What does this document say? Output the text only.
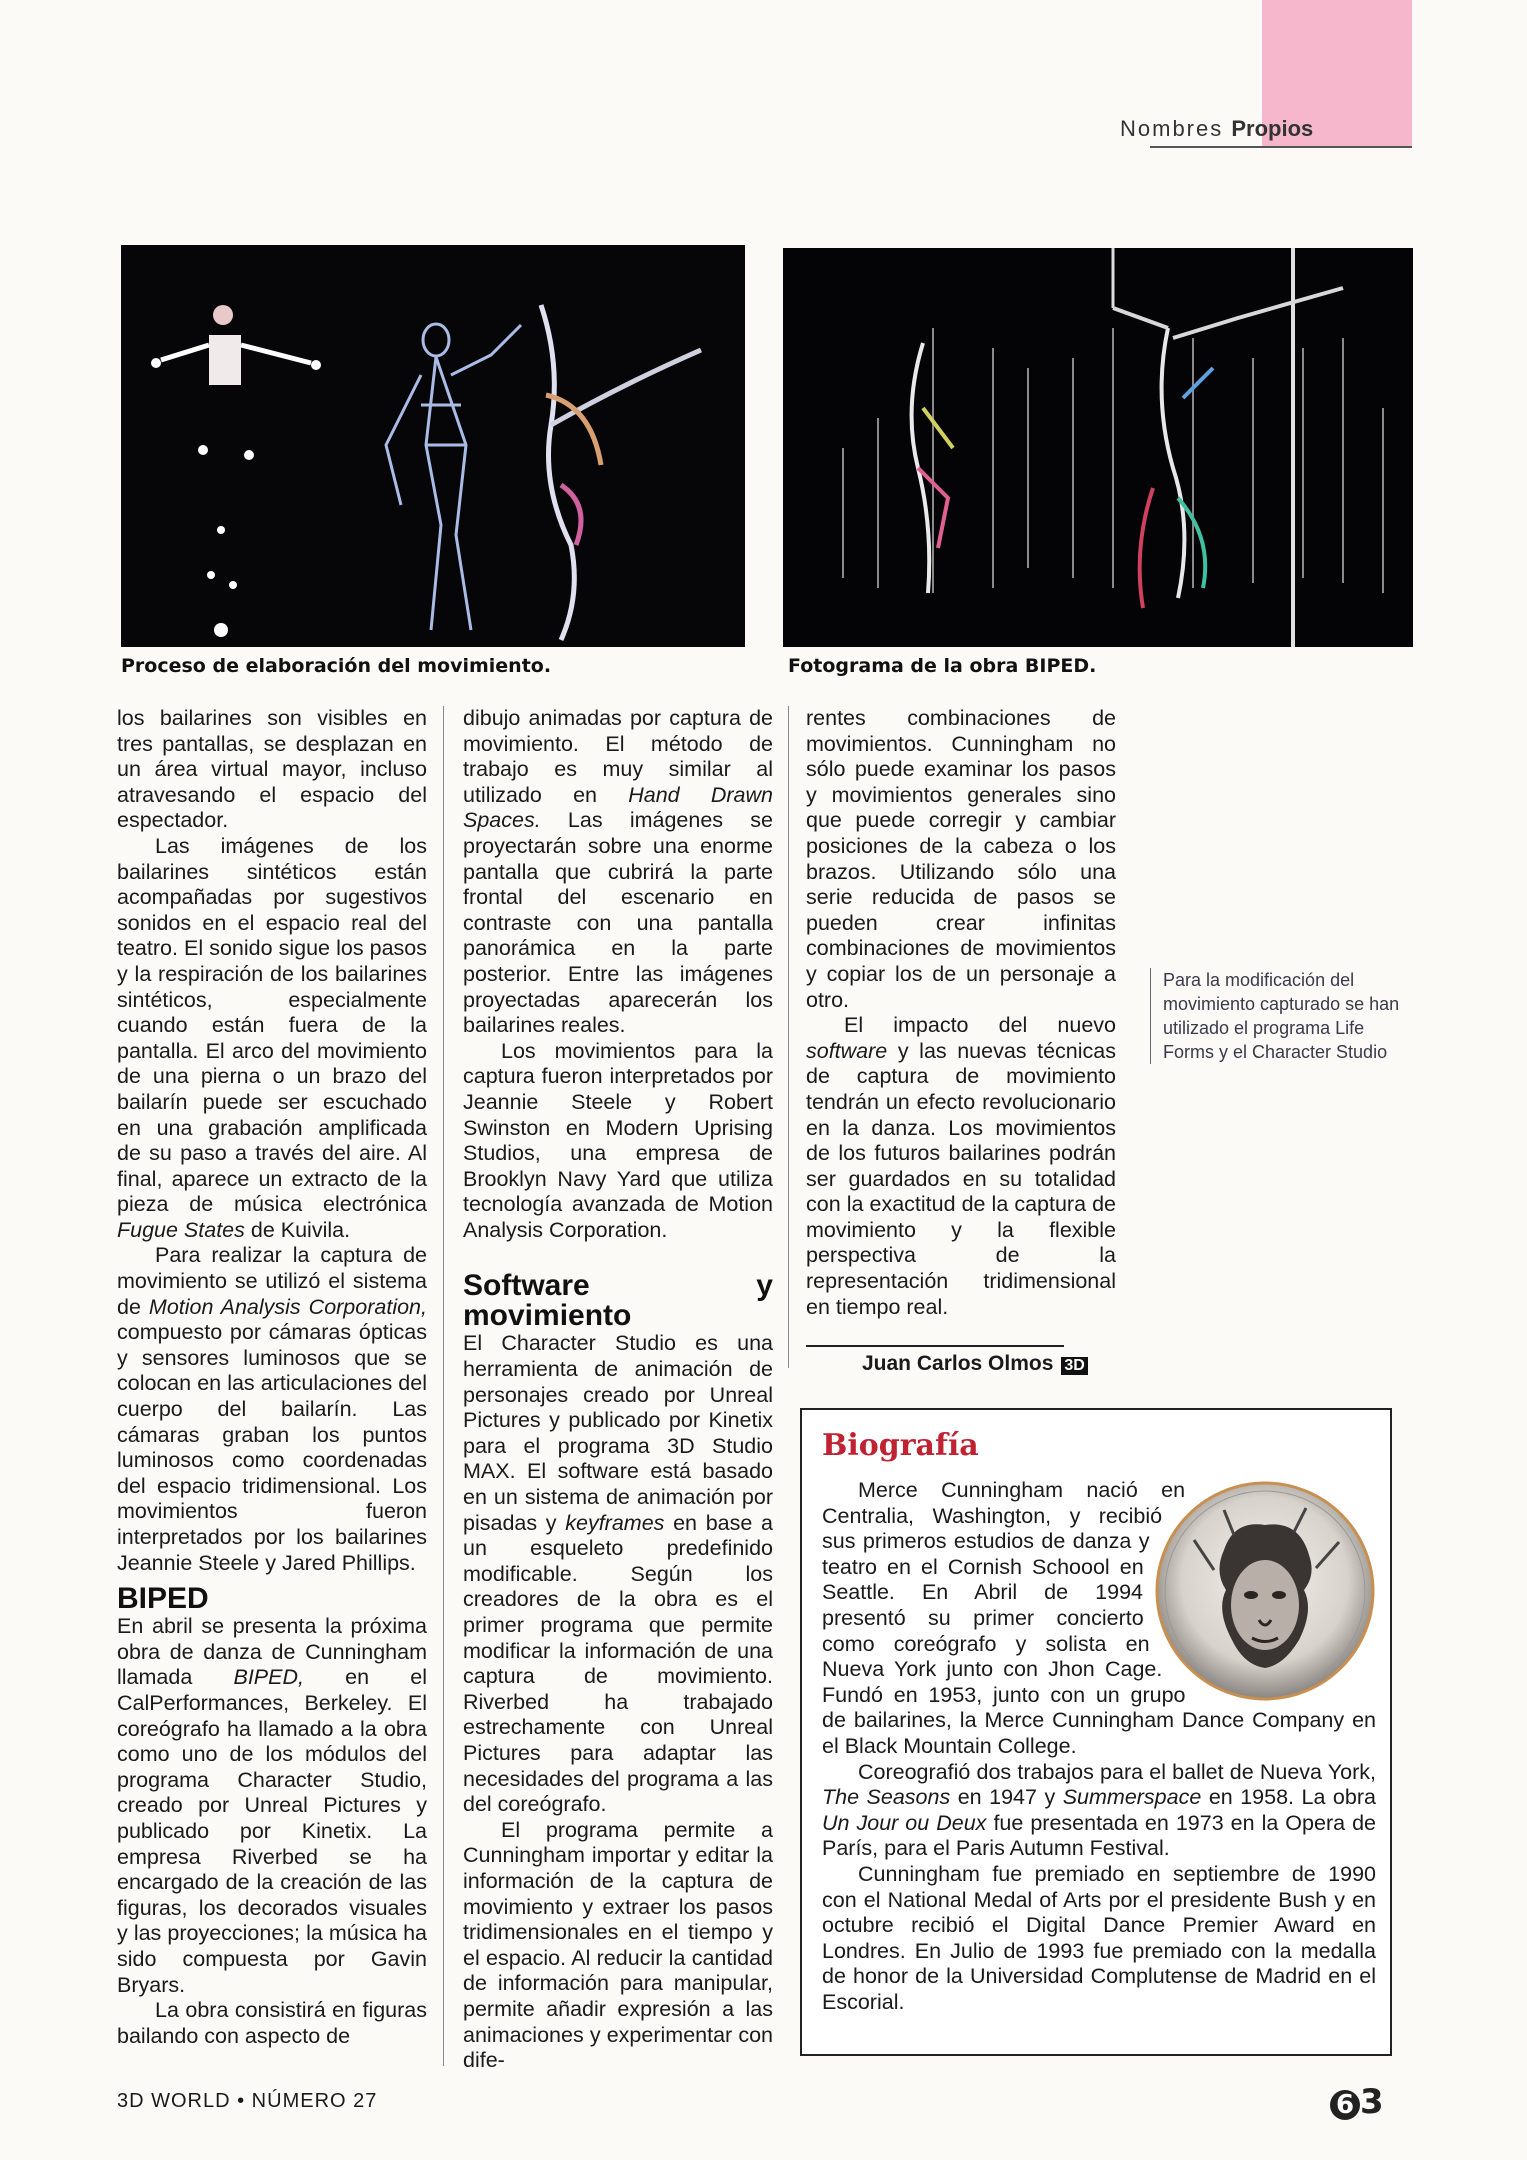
Nombres Propios
Proceso de elaboración del movimiento.	Fotograma de la obra BIPED.

los bailarines son visibles en tres pantallas, se desplazan en un área virtual mayor, incluso atravesando el espacio del espectador.

Las imágenes de los bailarines sintéticos están acompañadas por sugestivos sonidos en el espacio real del teatro. El sonido sigue los pasos y la respiración de los bailarines sintéticos, especialmente cuando están fuera de la pantalla. El arco del movimiento de una pierna o un brazo del bailarín puede ser escuchado en una grabación amplificada de su paso a través del aire. Al final, aparece un extracto de la pieza de música electrónica Fugue States de Kuivila.

Para realizar la captura de movimiento se utilizó el sistema de Motion Analysis Corporation, compuesto por cámaras ópticas y sensores luminosos que se colocan en las articulaciones del cuerpo del bailarín. Las cámaras graban los puntos luminosos como coordenadas del espacio tridimensional. Los movimientos fueron interpretados por los bailarines Jeannie Steele y Jared Phillips.

BIPED

En abril se presenta la próxima obra de danza de Cunningham llamada BIPED, en el CalPerformances, Berkeley. El coreógrafo ha llamado a la obra como uno de los módulos del programa Character Studio, creado por Unreal Pictures y publicado por Kinetix. La empresa Riverbed se ha encargado de la creación de las figuras, los decorados visuales y las proyecciones; la música ha sido compuesta por Gavin Bryars.

La obra consistirá en figuras bailando con aspecto de

dibujo animadas por captura de movimiento. El método de trabajo es muy similar al utilizado en Hand Drawn Spaces. Las imágenes se proyectarán sobre una enorme pantalla que cubrirá la parte frontal del escenario en contraste con una pantalla panorámica en la parte posterior. Entre las imágenes proyectadas aparecerán los bailarines reales.

Los movimientos para la captura fueron interpretados por Jeannie Steele y Robert Swinston en Modern Uprising Studios, una empresa de Brooklyn Navy Yard que utiliza tecnología avanzada de Motion Analysis Corporation.

Software y movimiento

El Character Studio es una herramienta de animación de personajes creado por Unreal Pictures y publicado por Kinetix para el programa 3D Studio MAX. El software está basado en un sistema de animación por pisadas y keyframes en base a un esqueleto predefinido modificable. Según los creadores de la obra es el primer programa que permite modificar la información de una captura de movimiento. Riverbed ha trabajado estrechamente con Unreal Pictures para adaptar las necesidades del programa a las del coreógrafo.

El programa permite a Cunningham importar y editar la información de la captura de movimiento y extraer los pasos tridimensionales en el tiempo y el espacio. Al reducir la cantidad de información para manipular, permite añadir expresión a las animaciones y experimentar con dife-

rentes combinaciones de movimientos. Cunningham no sólo puede examinar los pasos y movimientos generales sino que puede corregir y cambiar posiciones de la cabeza o los brazos. Utilizando sólo una serie reducida de pasos se pueden crear infinitas combinaciones de movimientos y copiar los de un personaje a otro.

El impacto del nuevo software y las nuevas técnicas de captura de movimiento tendrán un efecto revolucionario en la danza. Los movimientos de los futuros bailarines podrán ser guardados en su totalidad con la exactitud de la captura de movimiento y la flexible perspectiva de la representación tridimensional en tiempo real.

Juan Carlos Olmos 3D
Para la modificación del movimiento capturado se han utilizado el programa Life Forms y el Character Studio
Biografía

Merce Cunningham nació en Centralia, Washington, y recibió sus primeros estudios de danza y teatro en el Cornish Schoool en Seattle. En Abril de 1994 presentó su primer concierto como coreógrafo y solista en Nueva York junto con Jhon Cage. Fundó en 1953, junto con un grupo de bailarines, la Merce Cunningham Dance Company en el Black Mountain College.

Coreografió dos trabajos para el ballet de Nueva York, The Seasons en 1947 y Summerspace en 1958. La obra Un Jour ou Deux fue presentada en 1973 en la Opera de París, para el Paris Autumn Festival.

Cunningham fue premiado en septiembre de 1990 con el National Medal of Arts por el presidente Bush y en octubre recibió el Digital Dance Premier Award en Londres. En Julio de 1993 fue premiado con la medalla de honor de la Universidad Complutense de Madrid en el Escorial.

3D WORLD • NÚMERO 27	6 3
